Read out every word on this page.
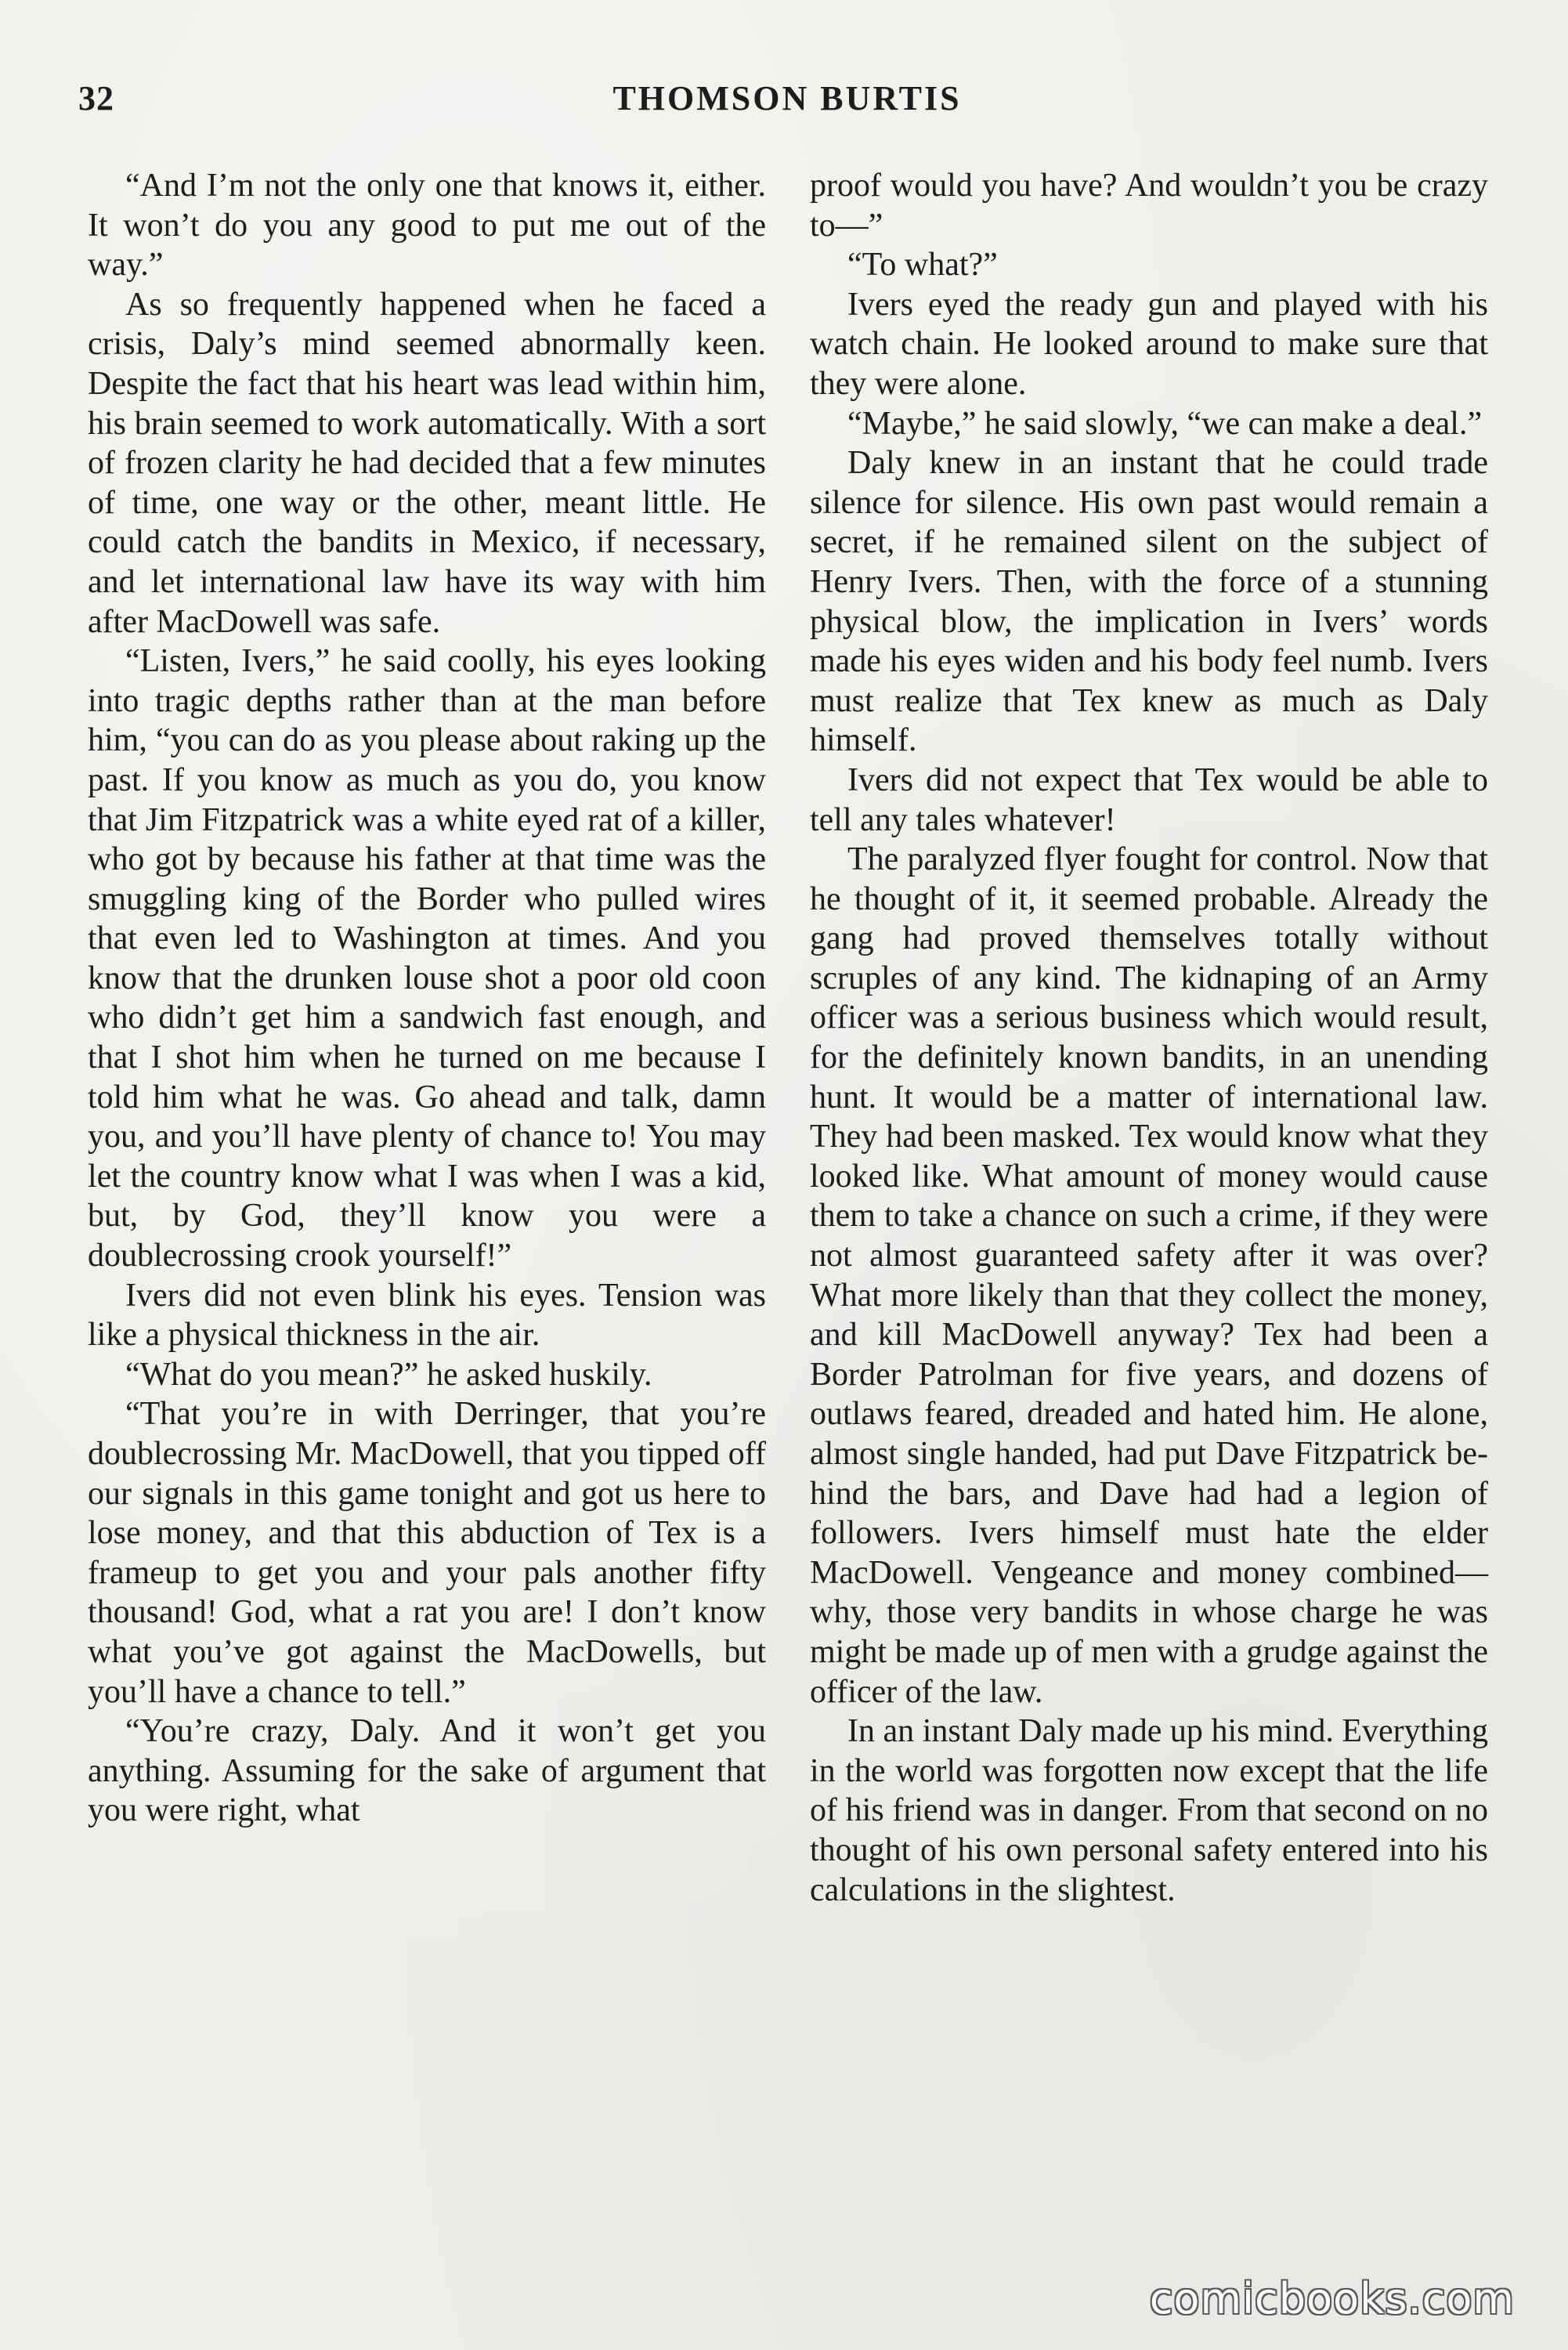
32	THOMSON BURTIS

“And I’m not the only one that knows it, either. It won’t do you any good to put me out of the way.”

As so frequently happened when he faced a crisis, Daly’s mind seemed abnormally keen. Despite the fact that his heart was lead within him, his brain seemed to work automatically. With a sort of frozen clarity he had decided that a few minutes of time, one way or the other, meant little. He could catch the bandits in Mexico, if necessary, and let international law have its way with him after MacDowell was safe.

“Listen, Ivers,” he said coolly, his eyes looking into tragic depths rather than at the man before him, “you can do as you please about raking up the past. If you know as much as you do, you know that Jim Fitzpatrick was a white eyed rat of a killer, who got by because his father at that time was the smuggling king of the Border who pulled wires that even led to Washington at times. And you know that the drunken louse shot a poor old coon who didn’t get him a sandwich fast enough, and that I shot him when he turned on me because I told him what he was. Go ahead and talk, damn you, and you’ll have plenty of chance to! You may let the country know what I was when I was a kid, but, by God, they’ll know you were a doublecrossing crook yourself!”

Ivers did not even blink his eyes. Tension was like a physical thickness in the air.

“What do you mean?” he asked huskily.

“That you’re in with Derringer, that you’re doublecrossing Mr. MacDowell, that you tipped off our signals in this game tonight and got us here to lose money, and that this abduction of Tex is a frameup to get you and your pals another fifty thousand! God, what a rat you are! I don’t know what you’ve got against the MacDowells, but you’ll have a chance to tell.”

“You’re crazy, Daly. And it won’t get you anything. Assuming for the sake of argument that you were right, what

proof would you have? And wouldn’t you be crazy to—”

“To what?”

Ivers eyed the ready gun and played with his watch chain. He looked around to make sure that they were alone.

“Maybe,” he said slowly, “we can make a deal.”

Daly knew in an instant that he could trade silence for silence. His own past would remain a secret, if he remained silent on the subject of Henry Ivers. Then, with the force of a stunning physical blow, the implication in Ivers’ words made his eyes widen and his body feel numb. Ivers must realize that Tex knew as much as Daly himself.

Ivers did not expect that Tex would be able to tell any tales whatever!

The paralyzed flyer fought for control. Now that he thought of it, it seemed probable. Already the gang had proved themselves totally without scruples of any kind. The kidnaping of an Army officer was a serious business which would result, for the definitely known bandits, in an unending hunt. It would be a matter of international law. They had been masked. Tex would know what they looked like. What amount of money would cause them to take a chance on such a crime, if they were not almost guaranteed safety after it was over? What more likely than that they collect the money, and kill MacDowell anyway? Tex had been a Border Patrolman for five years, and dozens of outlaws feared, dreaded and hated him. He alone, almost single handed, had put Dave Fitzpatrick behind the bars, and Dave had had a legion of followers. Ivers himself must hate the elder MacDowell. Vengeance and money combined—why, those very bandits in whose charge he was might be made up of men with a grudge against the officer of the law.

In an instant Daly made up his mind. Everything in the world was forgotten now except that the life of his friend was in danger. From that second on no thought of his own personal safety entered into his calculations in the slightest.

comicbooks.com
